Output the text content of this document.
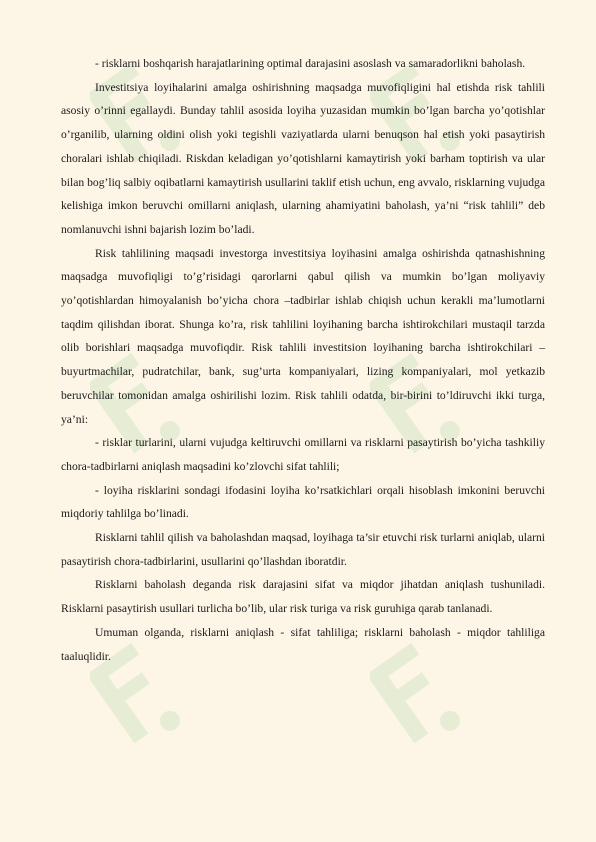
- risklarni boshqarish harajatlarining optimal darajasini asoslash va samaradorlikni baholash.

Investitsiya loyihalarini amalga oshirishning maqsadga muvofiqligini hal etishda risk tahlili asosiy o’rinni egallaydi. Bunday tahlil asosida loyiha yuzasidan mumkin bo’lgan barcha yo’qotishlar o’rganilib, ularning oldini olish yoki tegishli vaziyatlarda ularni benuqson hal etish yoki pasaytirish choralari ishlab chiqiladi. Riskdan keladigan yo’qotishlarni kamaytirish yoki barham toptirish va ular bilan bog’liq salbiy oqibatlarni kamaytirish usullarini taklif etish uchun, eng avvalo, risklarning vujudga kelishiga imkon beruvchi omillarni aniqlash, ularning ahamiyatini baholash, ya’ni “risk tahlili” deb nomlanuvchi ishni bajarish lozim bo’ladi.

Risk tahlilining maqsadi investorga investitsiya loyihasini amalga oshirishda qatnashishning maqsadga muvofiqligi to’g’risidagi qarorlarni qabul qilish va mumkin bo’lgan moliyaviy yo’qotishlardan himoyalanish bo’yicha chora –tadbirlar ishlab chiqish uchun kerakli ma’lumotlarni taqdim qilishdan iborat. Shunga ko’ra, risk tahlilini loyihaning barcha ishtirokchilari mustaqil tarzda olib borishlari maqsadga muvofiqdir. Risk tahlili investitsion loyihaning barcha ishtirokchilari – buyurtmachilar, pudratchilar, bank, sug’urta kompaniyalari, lizing kompaniyalari, mol yetkazib beruvchilar tomonidan amalga oshirilishi lozim. Risk tahlili odatda, bir-birini to’ldiruvchi ikki turga, ya’ni:

- risklar turlarini, ularni vujudga keltiruvchi omillarni va risklarni pasaytirish bo’yicha tashkiliy chora-tadbirlarni aniqlash maqsadini ko’zlovchi sifat tahlili;

- loyiha risklarini sondagi ifodasini loyiha ko’rsatkichlari orqali hisoblash imkonini beruvchi miqdoriy tahlilga bo’linadi.

Risklarni tahlil qilish va baholashdan maqsad, loyihaga ta’sir etuvchi risk turlarni aniqlab, ularni pasaytirish chora-tadbirlarini, usullarini qo’llashdan iboratdir.

Risklarni baholash deganda risk darajasini sifat va miqdor jihatdan aniqlash tushuniladi. Risklarni pasaytirish usullari turlicha bo’lib, ular risk turiga va risk guruhiga qarab tanlanadi.

Umuman olganda, risklarni aniqlash - sifat tahliliga; risklarni baholash - miqdor tahliliga taaluqlidir.
